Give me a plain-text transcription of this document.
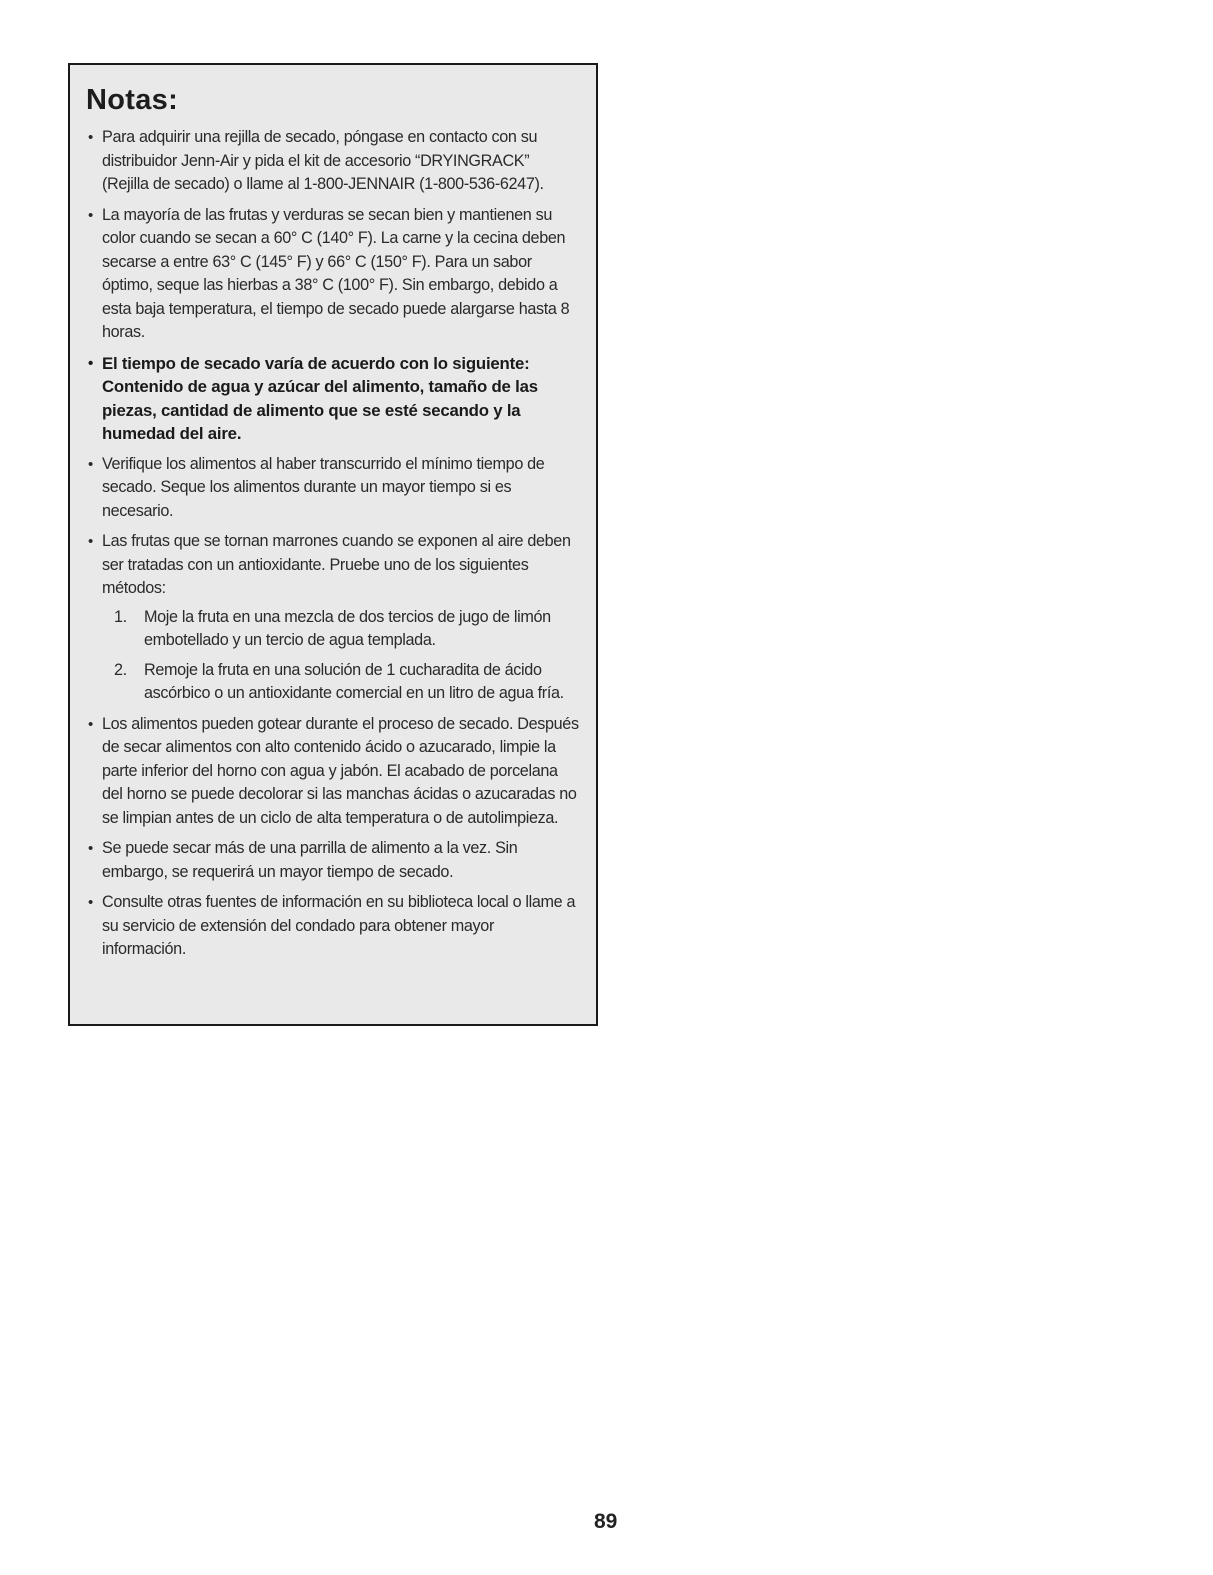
Notas:
• Para adquirir una rejilla de secado, póngase en contacto con su distribuidor Jenn-Air y pida el kit de accesorio “DRYINGRACK” (Rejilla de secado) o llame al 1-800-JENNAIR (1-800-536-6247).
• La mayoría de las frutas y verduras se secan bien y mantienen su color cuando se secan a 60° C (140° F). La carne y la cecina deben secarse a entre 63° C (145° F) y 66° C (150° F). Para un sabor óptimo, seque las hierbas a 38° C (100° F). Sin embargo, debido a esta baja temperatura, el tiempo de secado puede alargarse hasta 8 horas.
• El tiempo de secado varía de acuerdo con lo siguiente: Contenido de agua y azúcar del alimento, tamaño de las piezas, cantidad de alimento que se esté secando y la humedad del aire.
• Verifique los alimentos al haber transcurrido el mínimo tiempo de secado. Seque los alimentos durante un mayor tiempo si es necesario.
• Las frutas que se tornan marrones cuando se exponen al aire deben ser tratadas con un antioxidante. Pruebe uno de los siguientes métodos:
1. Moje la fruta en una mezcla de dos tercios de jugo de limón embotellado y un tercio de agua templada.
2. Remoje la fruta en una solución de 1 cucharadita de ácido ascórbico o un antioxidante comercial en un litro de agua fría.
• Los alimentos pueden gotear durante el proceso de secado. Después de secar alimentos con alto contenido ácido o azucarado, limpie la parte inferior del horno con agua y jabón. El acabado de porcelana del horno se puede decolorar si las manchas ácidas o azucaradas no se limpian antes de un ciclo de alta temperatura o de autolimpieza.
• Se puede secar más de una parrilla de alimento a la vez. Sin embargo, se requerirá un mayor tiempo de secado.
• Consulte otras fuentes de información en su biblioteca local o llame a su servicio de extensión del condado para obtener mayor información.
89
